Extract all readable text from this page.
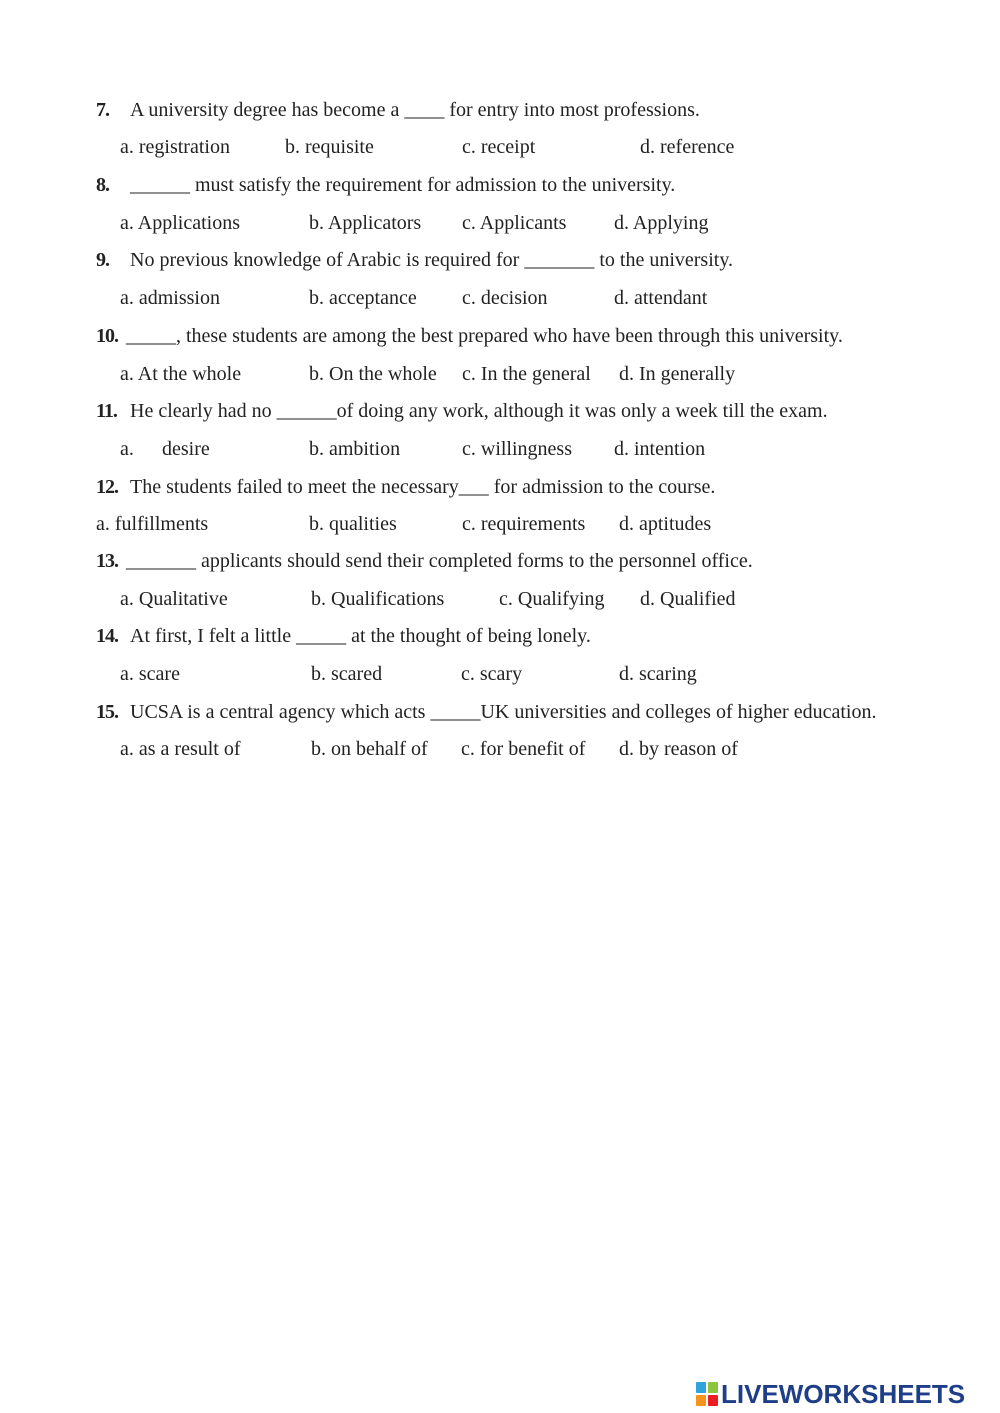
7. A university degree has become a ____ for entry into most professions.
a. registration	b. requisite	c. receipt	d. reference
8. ______ must satisfy the requirement for admission to the university.
a. Applications	b. Applicators c. Applicants d. Applying
9. No previous knowledge of Arabic is required for _______ to the university.
a. admission	b. acceptance c. decision	d. attendant
10. _____, these students are among the best prepared who have been through this university.
a. At the whole	b. On the whole c. In the general d. In generally
11. He clearly had no ______of doing any work, although it was only a week till the exam.
a. desire	b. ambition	c. willingness d. intention
12. The students failed to meet the necessary___ for admission to the course.
a. fulfillments	b. qualities	c. requirements d. aptitudes
13. _______ applicants should send their completed forms to the personnel office.
a. Qualitative	b. Qualifications	c. Qualifying d. Qualified
14. At first, I felt a little _____ at the thought of being lonely.
a. scare	b. scared	c. scary	d. scaring
15. UCSA is a central agency which acts _____UK universities and colleges of higher education.
a. as a result of	b. on behalf of c. for benefit of d. by reason of
LIVEWORKSHEETS
